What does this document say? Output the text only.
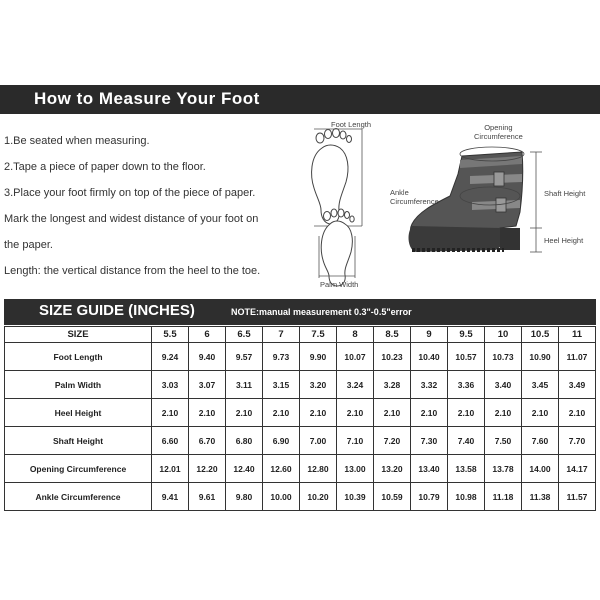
How to Measure Your Foot

1.Be seated when measuring.

2.Tape a piece of paper down to the floor.

3.Place your foot firmly on top of the piece of paper.

Mark the longest and widest distance of your foot on

the paper.

Length: the vertical distance from the heel to the toe.

Foot Length
Palm Width
Opening
Circumference
Ankle
Circumference
Shaft Height
Heel Height
SIZE GUIDE (INCHES)	NOTE:manual measurement 0.3"-0.5"error
SIZE	5.5	6	6.5	7	7.5	8	8.5	9	9.5	10	10.5	11
Foot Length	9.24	9.40	9.57	9.73	9.90	10.07	10.23	10.40	10.57	10.73	10.90	11.07
Palm Width	3.03	3.07	3.11	3.15	3.20	3.24	3.28	3.32	3.36	3.40	3.45	3.49
Heel Height	2.10	2.10	2.10	2.10	2.10	2.10	2.10	2.10	2.10	2.10	2.10	2.10
Shaft Height	6.60	6.70	6.80	6.90	7.00	7.10	7.20	7.30	7.40	7.50	7.60	7.70
Opening Circumference	12.01	12.20	12.40	12.60	12.80	13.00	13.20	13.40	13.58	13.78	14.00	14.17
Ankle Circumference	9.41	9.61	9.80	10.00	10.20	10.39	10.59	10.79	10.98	11.18	11.38	11.57
